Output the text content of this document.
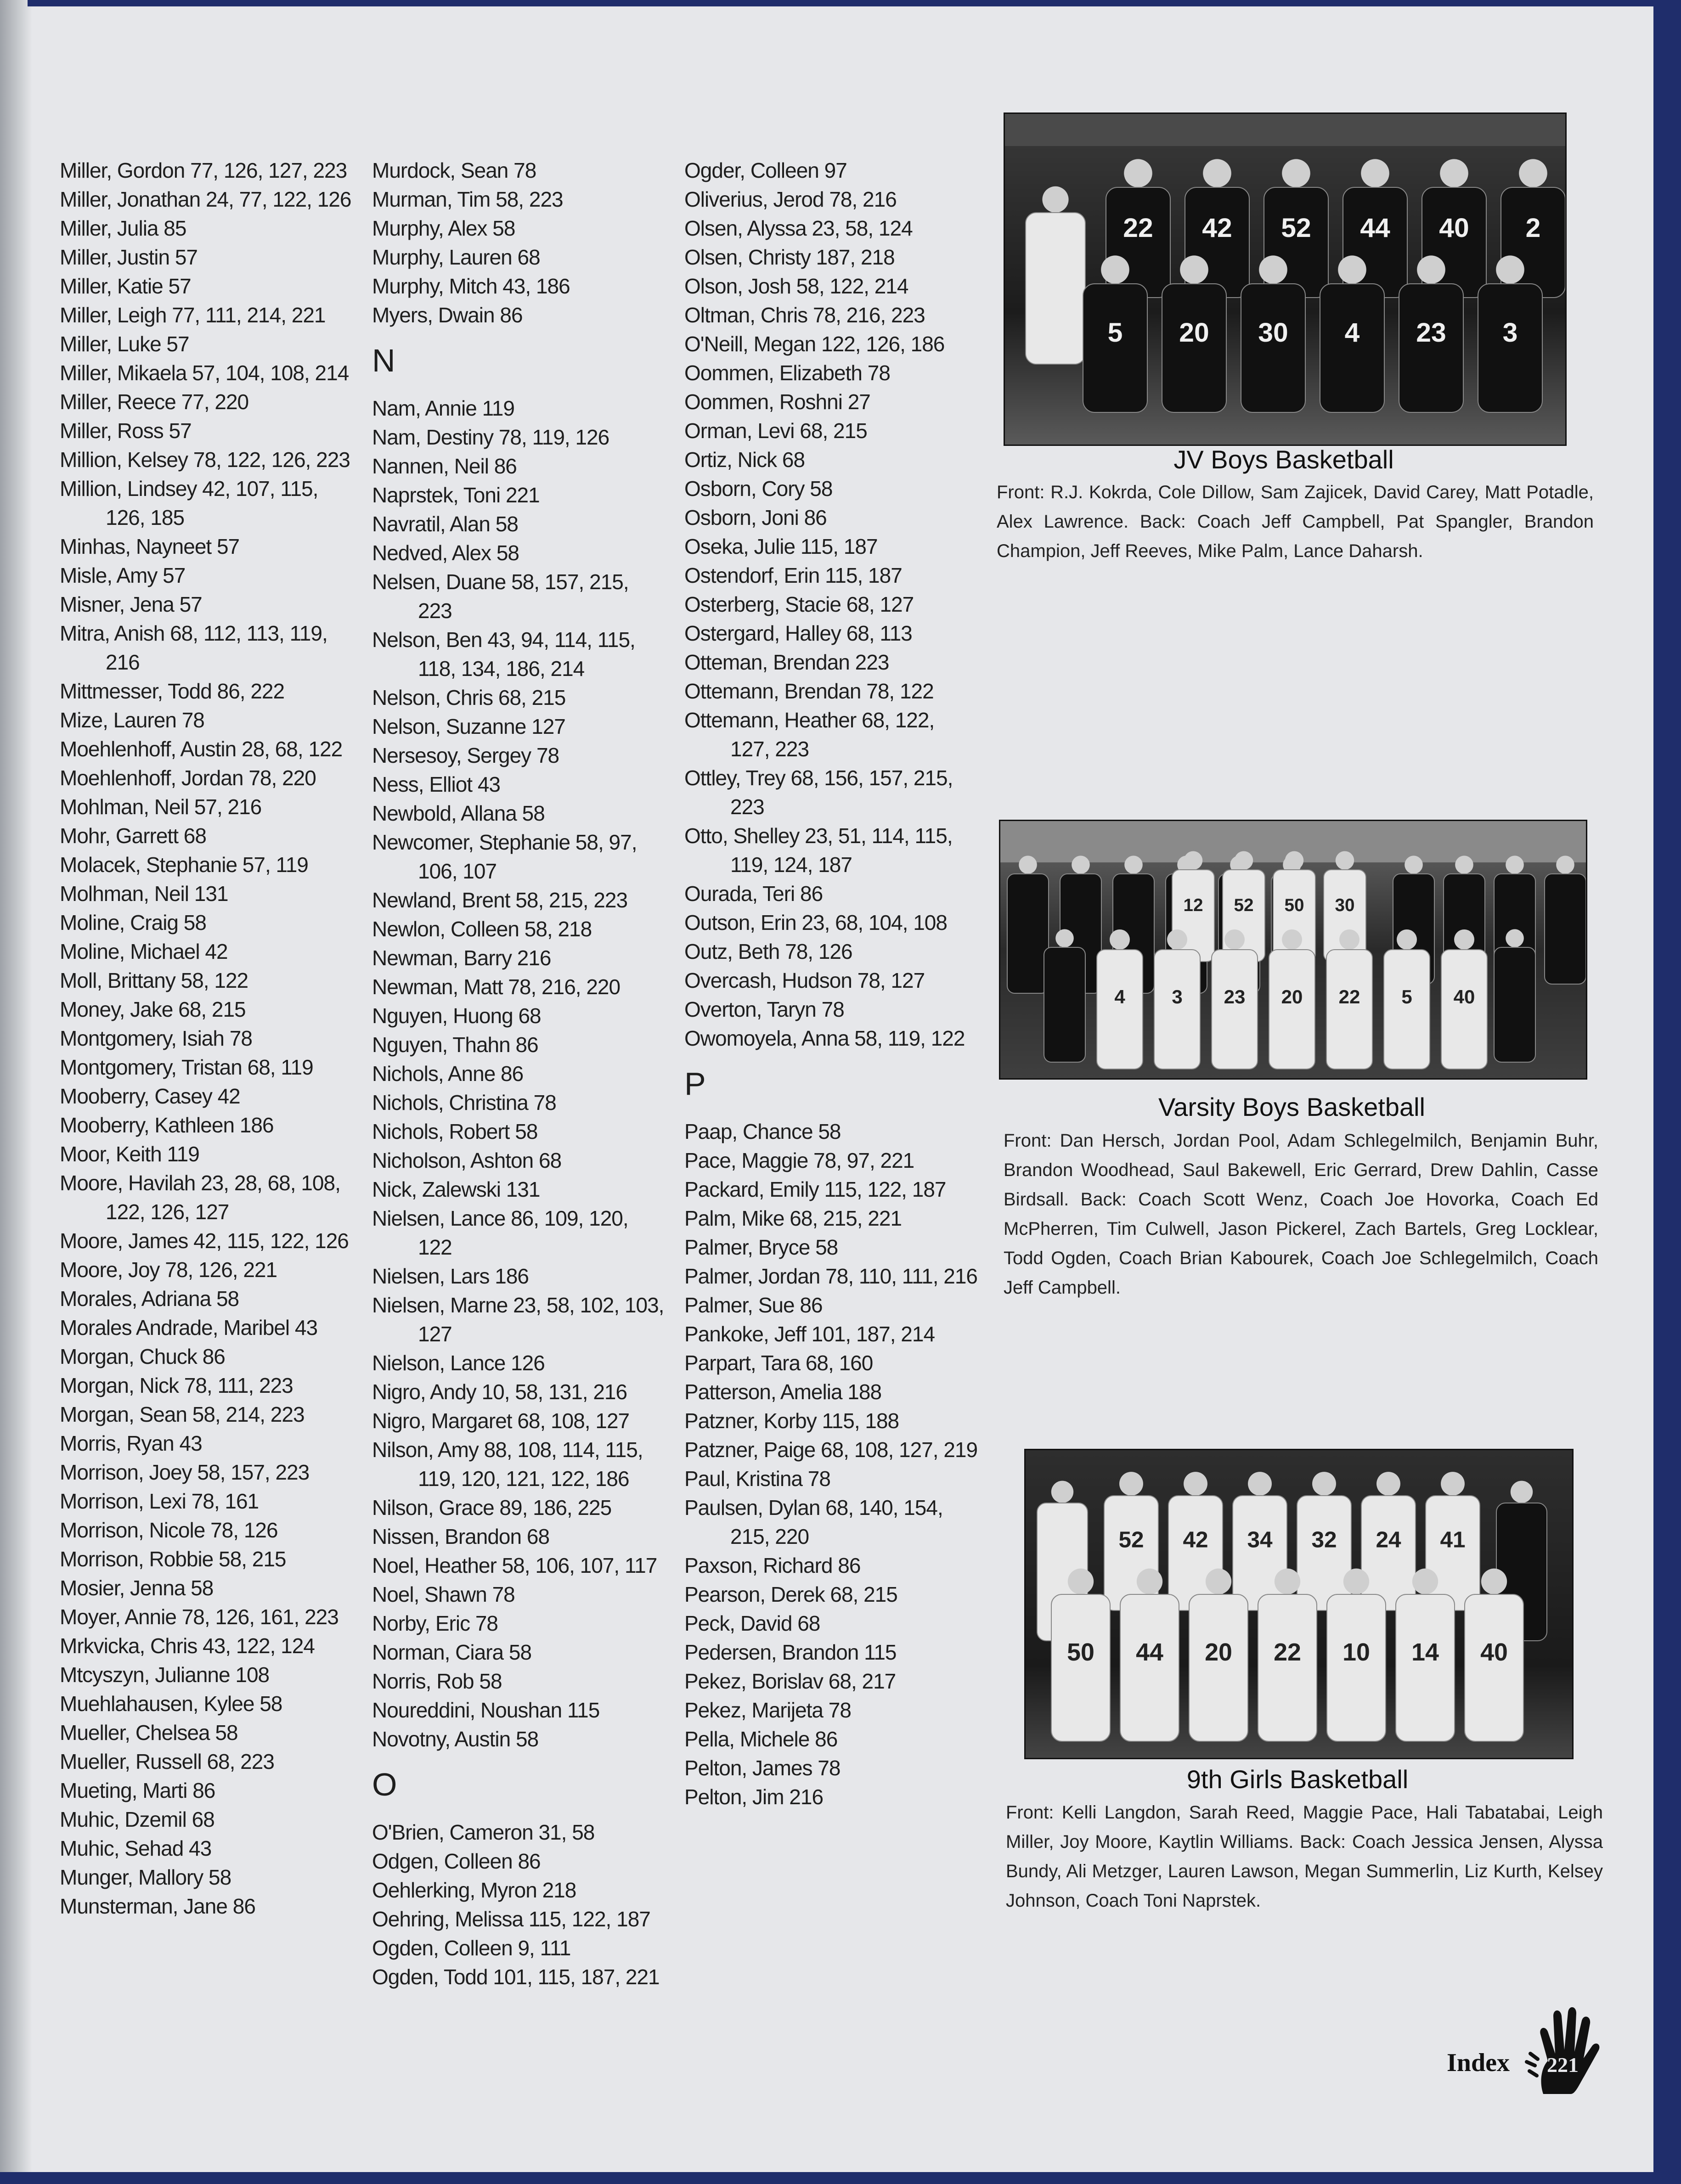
Miller, Gordon 77, 126, 127, 223
Miller, Jonathan 24, 77, 122, 126
Miller, Julia 85
Miller, Justin 57
Miller, Katie 57
Miller, Leigh 77, 111, 214, 221
Miller, Luke 57
Miller, Mikaela 57, 104, 108, 214
Miller, Reece 77, 220
Miller, Ross 57
Million, Kelsey 78, 122, 126, 223
Million, Lindsey 42, 107, 115, 126, 185
Minhas, Nayneet 57
Misle, Amy 57
Misner, Jena 57
Mitra, Anish 68, 112, 113, 119, 216
Mittmesser, Todd 86, 222
Mize, Lauren 78
Moehlenhoff, Austin 28, 68, 122
Moehlenhoff, Jordan 78, 220
Mohlman, Neil 57, 216
Mohr, Garrett 68
Molacek, Stephanie 57, 119
Molhman, Neil 131
Moline, Craig 58
Moline, Michael 42
Moll, Brittany 58, 122
Money, Jake 68, 215
Montgomery, Isiah 78
Montgomery, Tristan 68, 119
Mooberry, Casey 42
Mooberry, Kathleen 186
Moor, Keith 119
Moore, Havilah 23, 28, 68, 108, 122, 126, 127
Moore, James 42, 115, 122, 126
Moore, Joy 78, 126, 221
Morales, Adriana 58
Morales Andrade, Maribel 43
Morgan, Chuck 86
Morgan, Nick 78, 111, 223
Morgan, Sean 58, 214, 223
Morris, Ryan 43
Morrison, Joey 58, 157, 223
Morrison, Lexi 78, 161
Morrison, Nicole 78, 126
Morrison, Robbie 58, 215
Mosier, Jenna 58
Moyer, Annie 78, 126, 161, 223
Mrkvicka, Chris 43, 122, 124
Mtcyszyn, Julianne 108
Muehlahausen, Kylee 58
Mueller, Chelsea 58
Mueller, Russell 68, 223
Mueting, Marti 86
Muhic, Dzemil 68
Muhic, Sehad 43
Munger, Mallory 58
Munsterman, Jane 86
Murdock, Sean 78
Murman, Tim 58, 223
Murphy, Alex 58
Murphy, Lauren 68
Murphy, Mitch 43, 186
Myers, Dwain 86
N
Nam, Annie 119
Nam, Destiny 78, 119, 126
Nannen, Neil 86
Naprstek, Toni 221
Navratil, Alan 58
Nedved, Alex 58
Nelsen, Duane 58, 157, 215, 223
Nelson, Ben 43, 94, 114, 115, 118, 134, 186, 214
Nelson, Chris 68, 215
Nelson, Suzanne 127
Nersesoy, Sergey 78
Ness, Elliot 43
Newbold, Allana 58
Newcomer, Stephanie 58, 97, 106, 107
Newland, Brent 58, 215, 223
Newlon, Colleen 58, 218
Newman, Barry 216
Newman, Matt 78, 216, 220
Nguyen, Huong 68
Nguyen, Thahn 86
Nichols, Anne 86
Nichols, Christina 78
Nichols, Robert 58
Nicholson, Ashton 68
Nick, Zalewski 131
Nielsen, Lance 86, 109, 120, 122
Nielsen, Lars 186
Nielsen, Marne 23, 58, 102, 103, 127
Nielson, Lance 126
Nigro, Andy 10, 58, 131, 216
Nigro, Margaret 68, 108, 127
Nilson, Amy 88, 108, 114, 115, 119, 120, 121, 122, 186
Nilson, Grace 89, 186, 225
Nissen, Brandon 68
Noel, Heather 58, 106, 107, 117
Noel, Shawn 78
Norby, Eric 78
Norman, Ciara 58
Norris, Rob 58
Noureddini, Noushan 115
Novotny, Austin 58
O
O'Brien, Cameron 31, 58
Odgen, Colleen 86
Oehlerking, Myron 218
Oehring, Melissa 115, 122, 187
Ogden, Colleen 9, 111
Ogden, Todd 101, 115, 187, 221
Ogder, Colleen 97
Oliverius, Jerod 78, 216
Olsen, Alyssa 23, 58, 124
Olsen, Christy 187, 218
Olson, Josh 58, 122, 214
Oltman, Chris 78, 216, 223
O'Neill, Megan 122, 126, 186
Oommen, Elizabeth 78
Oommen, Roshni 27
Orman, Levi 68, 215
Ortiz, Nick 68
Osborn, Cory 58
Osborn, Joni 86
Oseka, Julie 115, 187
Ostendorf, Erin 115, 187
Osterberg, Stacie 68, 127
Ostergard, Halley 68, 113
Otteman, Brendan 223
Ottemann, Brendan 78, 122
Ottemann, Heather 68, 122, 127, 223
Ottley, Trey 68, 156, 157, 215, 223
Otto, Shelley 23, 51, 114, 115, 119, 124, 187
Ourada, Teri 86
Outson, Erin 23, 68, 104, 108
Outz, Beth 78, 126
Overcash, Hudson 78, 127
Overton, Taryn 78
Owomoyela, Anna 58, 119, 122
P
Paap, Chance 58
Pace, Maggie 78, 97, 221
Packard, Emily 115, 122, 187
Palm, Mike 68, 215, 221
Palmer, Bryce 58
Palmer, Jordan 78, 110, 111, 216
Palmer, Sue 86
Pankoke, Jeff 101, 187, 214
Parpart, Tara 68, 160
Patterson, Amelia 188
Patzner, Korby 115, 188
Patzner, Paige 68, 108, 127, 219
Paul, Kristina 78
Paulsen, Dylan 68, 140, 154, 215, 220
Paxson, Richard 86
Pearson, Derek 68, 215
Peck, David 68
Pedersen, Brandon 115
Pekez, Borislav 68, 217
Pekez, Marijeta 78
Pella, Michele 86
Pelton, James 78
Pelton, Jim 216
22 42 52 44 40 2
5 20 30 4 23 3
JV Boys Basketball
Front: R.J. Kokrda, Cole Dillow, Sam Zajicek, David Carey, Matt Potadle, Alex Lawrence. Back: Coach Jeff Campbell, Pat Spangler, Brandon Champion, Jeff Reeves, Mike Palm, Lance Daharsh.
12 52 50 30
4 3 23 20 22 5 40
Varsity Boys Basketball
Front: Dan Hersch, Jordan Pool, Adam Schlegelmilch, Benjamin Buhr, Brandon Woodhead, Saul Bakewell, Eric Gerrard, Drew Dahlin, Casse Birdsall. Back: Coach Scott Wenz, Coach Joe Hovorka, Coach Ed McPherren, Tim Culwell, Jason Pickerel, Zach Bartels, Greg Locklear, Todd Ogden, Coach Brian Kabourek, Coach Joe Schlegelmilch, Coach Jeff Campbell.
52 42 34 32 24 41
50 44 20 22 10 14 40
9th Girls Basketball
Front: Kelli Langdon, Sarah Reed, Maggie Pace, Hali Tabatabai, Leigh Miller, Joy Moore, Kaytlin Williams. Back: Coach Jessica Jensen, Alyssa Bundy, Ali Metzger, Lauren Lawson, Megan Summerlin, Liz Kurth, Kelsey Johnson, Coach Toni Naprstek.
Index 221
